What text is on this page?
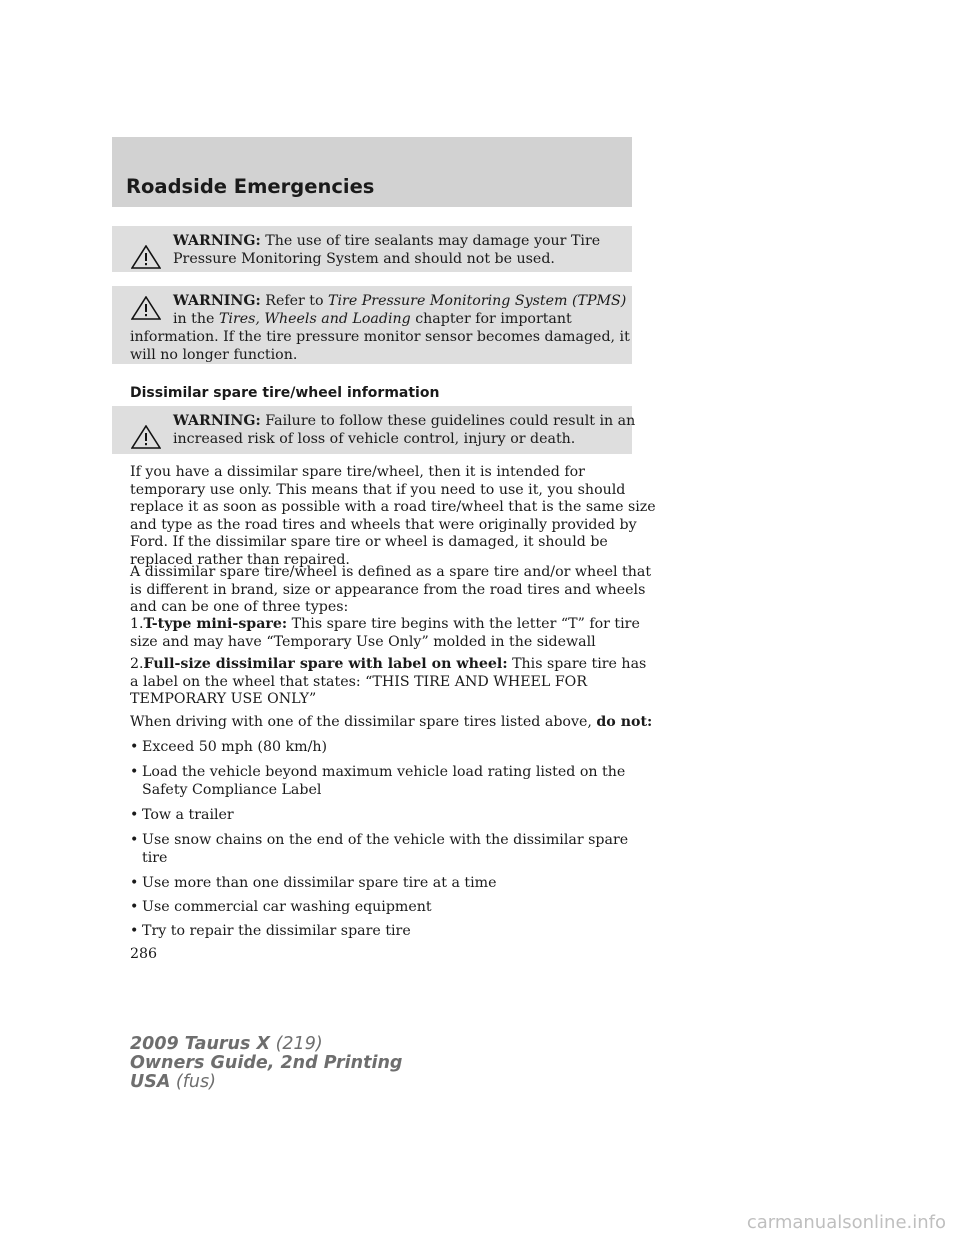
Roadside Emergencies
WARNING: The use of tire sealants may damage your Tire
Pressure Monitoring System and should not be used.
WARNING: Refer to Tire Pressure Monitoring System (TPMS)
in the Tires, Wheels and Loading chapter for important
information. If the tire pressure monitor sensor becomes damaged, it
will no longer function.
Dissimilar spare tire/wheel information
WARNING: Failure to follow these guidelines could result in an
increased risk of loss of vehicle control, injury or death.
If you have a dissimilar spare tire/wheel, then it is intended for
temporary use only. This means that if you need to use it, you should
replace it as soon as possible with a road tire/wheel that is the same size
and type as the road tires and wheels that were originally provided by
Ford. If the dissimilar spare tire or wheel is damaged, it should be
replaced rather than repaired.
A dissimilar spare tire/wheel is defined as a spare tire and/or wheel that
is different in brand, size or appearance from the road tires and wheels
and can be one of three types:
1.T-type mini-spare: This spare tire begins with the letter “T” for tire
size and may have “Temporary Use Only” molded in the sidewall
2.Full-size dissimilar spare with label on wheel: This spare tire has
a label on the wheel that states: “THIS TIRE AND WHEEL FOR
TEMPORARY USE ONLY”
When driving with one of the dissimilar spare tires listed above, do not:
• Exceed 50 mph (80 km/h)
• Load the vehicle beyond maximum vehicle load rating listed on the
Safety Compliance Label
• Tow a trailer
• Use snow chains on the end of the vehicle with the dissimilar spare
tire
• Use more than one dissimilar spare tire at a time
• Use commercial car washing equipment
• Try to repair the dissimilar spare tire
286
2009 Taurus X (219)
Owners Guide, 2nd Printing
USA (fus)
carmanualsonline.info
